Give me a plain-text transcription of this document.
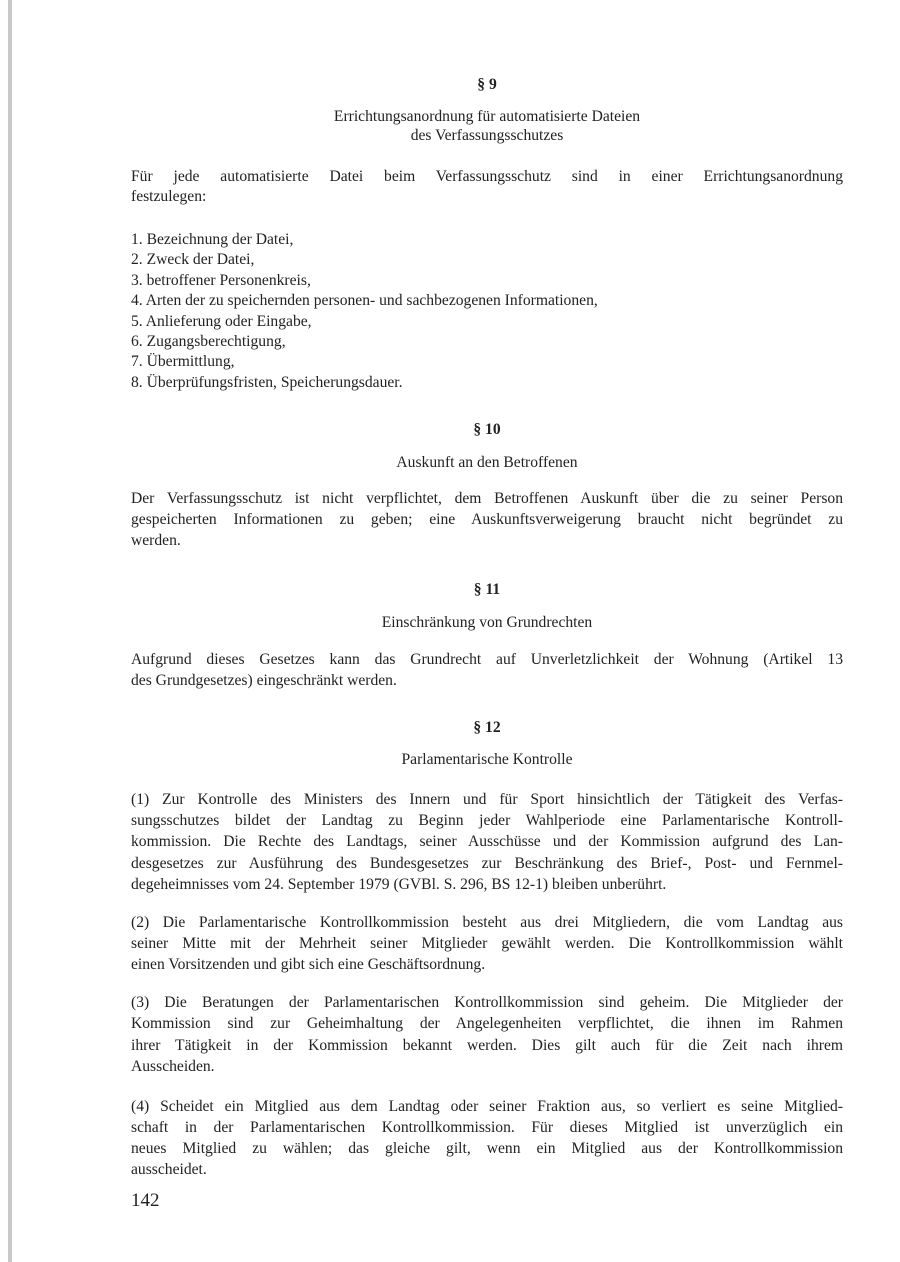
§ 9
Errichtungsanordnung für automatisierte Dateien
des Verfassungsschutzes
Für jede automatisierte Datei beim Verfassungsschutz sind in einer Errichtungsanordnung
festzulegen:
1. Bezeichnung der Datei,
2. Zweck der Datei,
3. betroffener Personenkreis,
4. Arten der zu speichernden personen- und sachbezogenen Informationen,
5. Anlieferung oder Eingabe,
6. Zugangsberechtigung,
7. Übermittlung,
8. Überprüfungsfristen, Speicherungsdauer.
§ 10
Auskunft an den Betroffenen
Der Verfassungsschutz ist nicht verpflichtet, dem Betroffenen Auskunft über die zu seiner Person
gespeicherten Informationen zu geben; eine Auskunftsverweigerung braucht nicht begründet zu
werden.
§ 11
Einschränkung von Grundrechten
Aufgrund dieses Gesetzes kann das Grundrecht auf Unverletzlichkeit der Wohnung (Artikel 13
des Grundgesetzes) eingeschränkt werden.
§ 12
Parlamentarische Kontrolle
(1) Zur Kontrolle des Ministers des Innern und für Sport hinsichtlich der Tätigkeit des Verfas-
sungsschutzes bildet der Landtag zu Beginn jeder Wahlperiode eine Parlamentarische Kontroll-
kommission. Die Rechte des Landtags, seiner Ausschüsse und der Kommission aufgrund des Lan-
desgesetzes zur Ausführung des Bundesgesetzes zur Beschränkung des Brief-, Post- und Fernmel-
degeheimnisses vom 24. September 1979 (GVBl. S. 296, BS 12-1) bleiben unberührt.
(2) Die Parlamentarische Kontrollkommission besteht aus drei Mitgliedern, die vom Landtag aus
seiner Mitte mit der Mehrheit seiner Mitglieder gewählt werden. Die Kontrollkommission wählt
einen Vorsitzenden und gibt sich eine Geschäftsordnung.
(3) Die Beratungen der Parlamentarischen Kontrollkommission sind geheim. Die Mitglieder der
Kommission sind zur Geheimhaltung der Angelegenheiten verpflichtet, die ihnen im Rahmen
ihrer Tätigkeit in der Kommission bekannt werden. Dies gilt auch für die Zeit nach ihrem
Ausscheiden.
(4) Scheidet ein Mitglied aus dem Landtag oder seiner Fraktion aus, so verliert es seine Mitglied-
schaft in der Parlamentarischen Kontrollkommission. Für dieses Mitglied ist unverzüglich ein
neues Mitglied zu wählen; das gleiche gilt, wenn ein Mitglied aus der Kontrollkommission
ausscheidet.
142
